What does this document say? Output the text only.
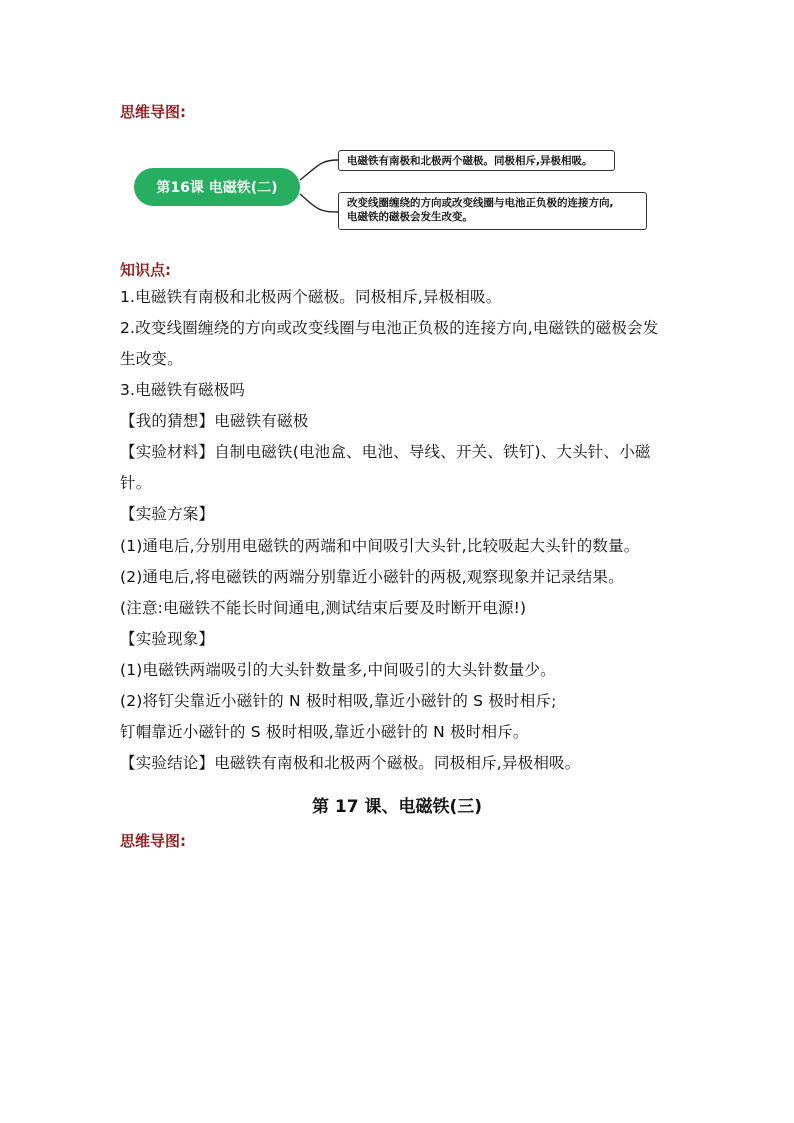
思维导图:
第16课 电磁铁(二)
电磁铁有南极和北极两个磁极。同极相斥,异极相吸。
改变线圈缠绕的方向或改变线圈与电池正负极的连接方向,
电磁铁的磁极会发生改变。
知识点:
1.电磁铁有南极和北极两个磁极。同极相斥,异极相吸。
2.改变线圈缠绕的方向或改变线圈与电池正负极的连接方向,电磁铁的磁极会发
生改变。
3.电磁铁有磁极吗
【我的猜想】电磁铁有磁极
【实验材料】自制电磁铁(电池盒、电池、导线、开关、铁钉)、大头针、小磁
针。
【实验方案】
(1)通电后,分别用电磁铁的两端和中间吸引大头针,比较吸起大头针的数量。
(2)通电后,将电磁铁的两端分别靠近小磁针的两极,观察现象并记录结果。
(注意:电磁铁不能长时间通电,测试结束后要及时断开电源!)
【实验现象】
(1)电磁铁两端吸引的大头针数量多,中间吸引的大头针数量少。
(2)将钉尖靠近小磁针的 N 极时相吸,靠近小磁针的 S 极时相斥;
钉帽靠近小磁针的 S 极时相吸,靠近小磁针的 N 极时相斥。
【实验结论】电磁铁有南极和北极两个磁极。同极相斥,异极相吸。
第 17 课、电磁铁(三)
思维导图:
